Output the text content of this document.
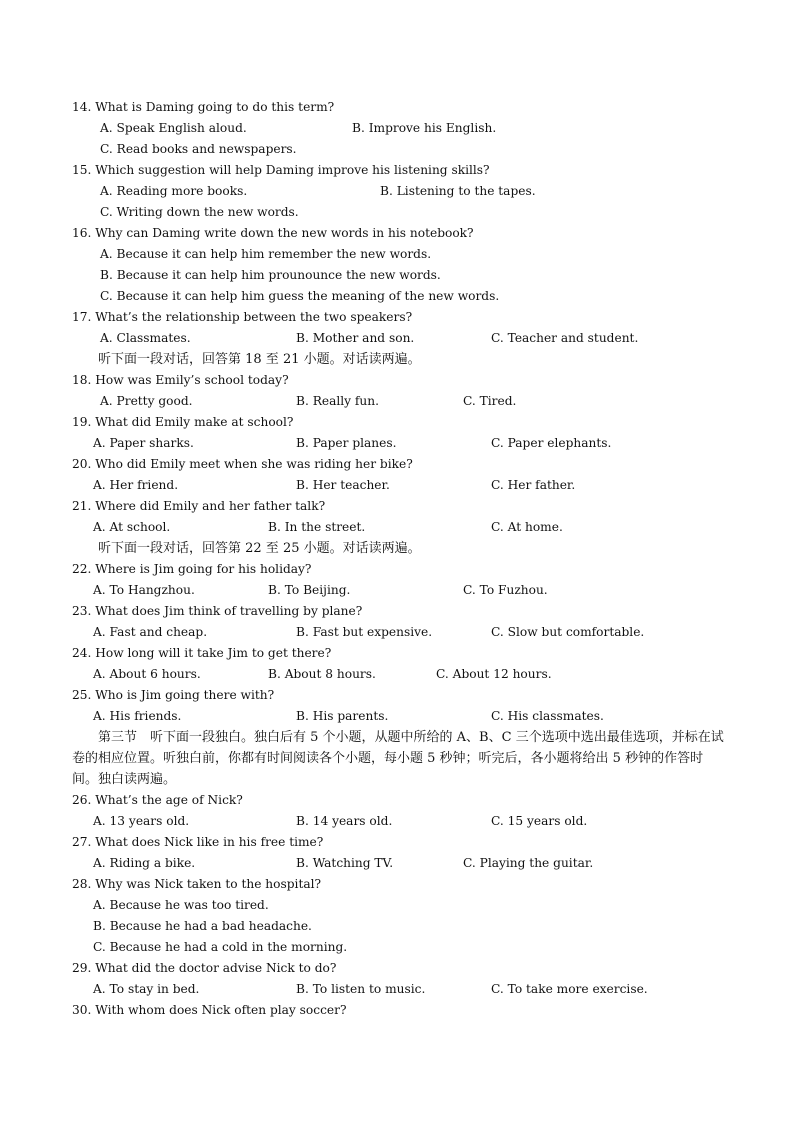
14. What is Daming going to do this term?
A. Speak English aloud.	B. Improve his English.
C. Read books and newspapers.
15. Which suggestion will help Daming improve his listening skills?
A. Reading more books.	B. Listening to the tapes.
C. Writing down the new words.
16. Why can Daming write down the new words in his notebook?
A. Because it can help him remember the new words.
B. Because it can help him prounounce the new words.
C. Because it can help him guess the meaning of the new words.
17. What’s the relationship between the two speakers?
A. Classmates.	B. Mother and son.	C. Teacher and student.
听下面一段对话，回答第 18 至 21 小题。对话读两遍。
18. How was Emily’s school today?
A. Pretty good.	B. Really fun.	C. Tired.
19. What did Emily make at school?
A. Paper sharks.	B. Paper planes.	C. Paper elephants.
20. Who did Emily meet when she was riding her bike?
A. Her friend.	B. Her teacher.	C. Her father.
21. Where did Emily and her father talk?
A. At school.	B. In the street.	C. At home.
听下面一段对话，回答第 22 至 25 小题。对话读两遍。
22. Where is Jim going for his holiday?
A. To Hangzhou.	B. To Beijing.	C. To Fuzhou.
23. What does Jim think of travelling by plane?
A. Fast and cheap.	B. Fast but expensive.	C. Slow but comfortable.
24. How long will it take Jim to get there?
A. About 6 hours.	B. About 8 hours.	C. About 12 hours.
25. Who is Jim going there with?
A. His friends.	B. His parents.	C. His classmates.
第三节　听下面一段独白。独白后有 5 个小题，从题中所给的 A、B、C 三个选项中选出最佳选项，并标在试卷的相应位置。听独白前，你都有时间阅读各个小题，每小题 5 秒钟；听完后，各小题将给出 5 秒钟的作答时间。独白读两遍。
26. What’s the age of Nick?
A. 13 years old.	B. 14 years old.	C. 15 years old.
27. What does Nick like in his free time?
A. Riding a bike.	B. Watching TV.	C. Playing the guitar.
28. Why was Nick taken to the hospital?
A. Because he was too tired.
B. Because he had a bad headache.
C. Because he had a cold in the morning.
29. What did the doctor advise Nick to do?
A. To stay in bed.	B. To listen to music.	C. To take more exercise.
30. With whom does Nick often play soccer?
